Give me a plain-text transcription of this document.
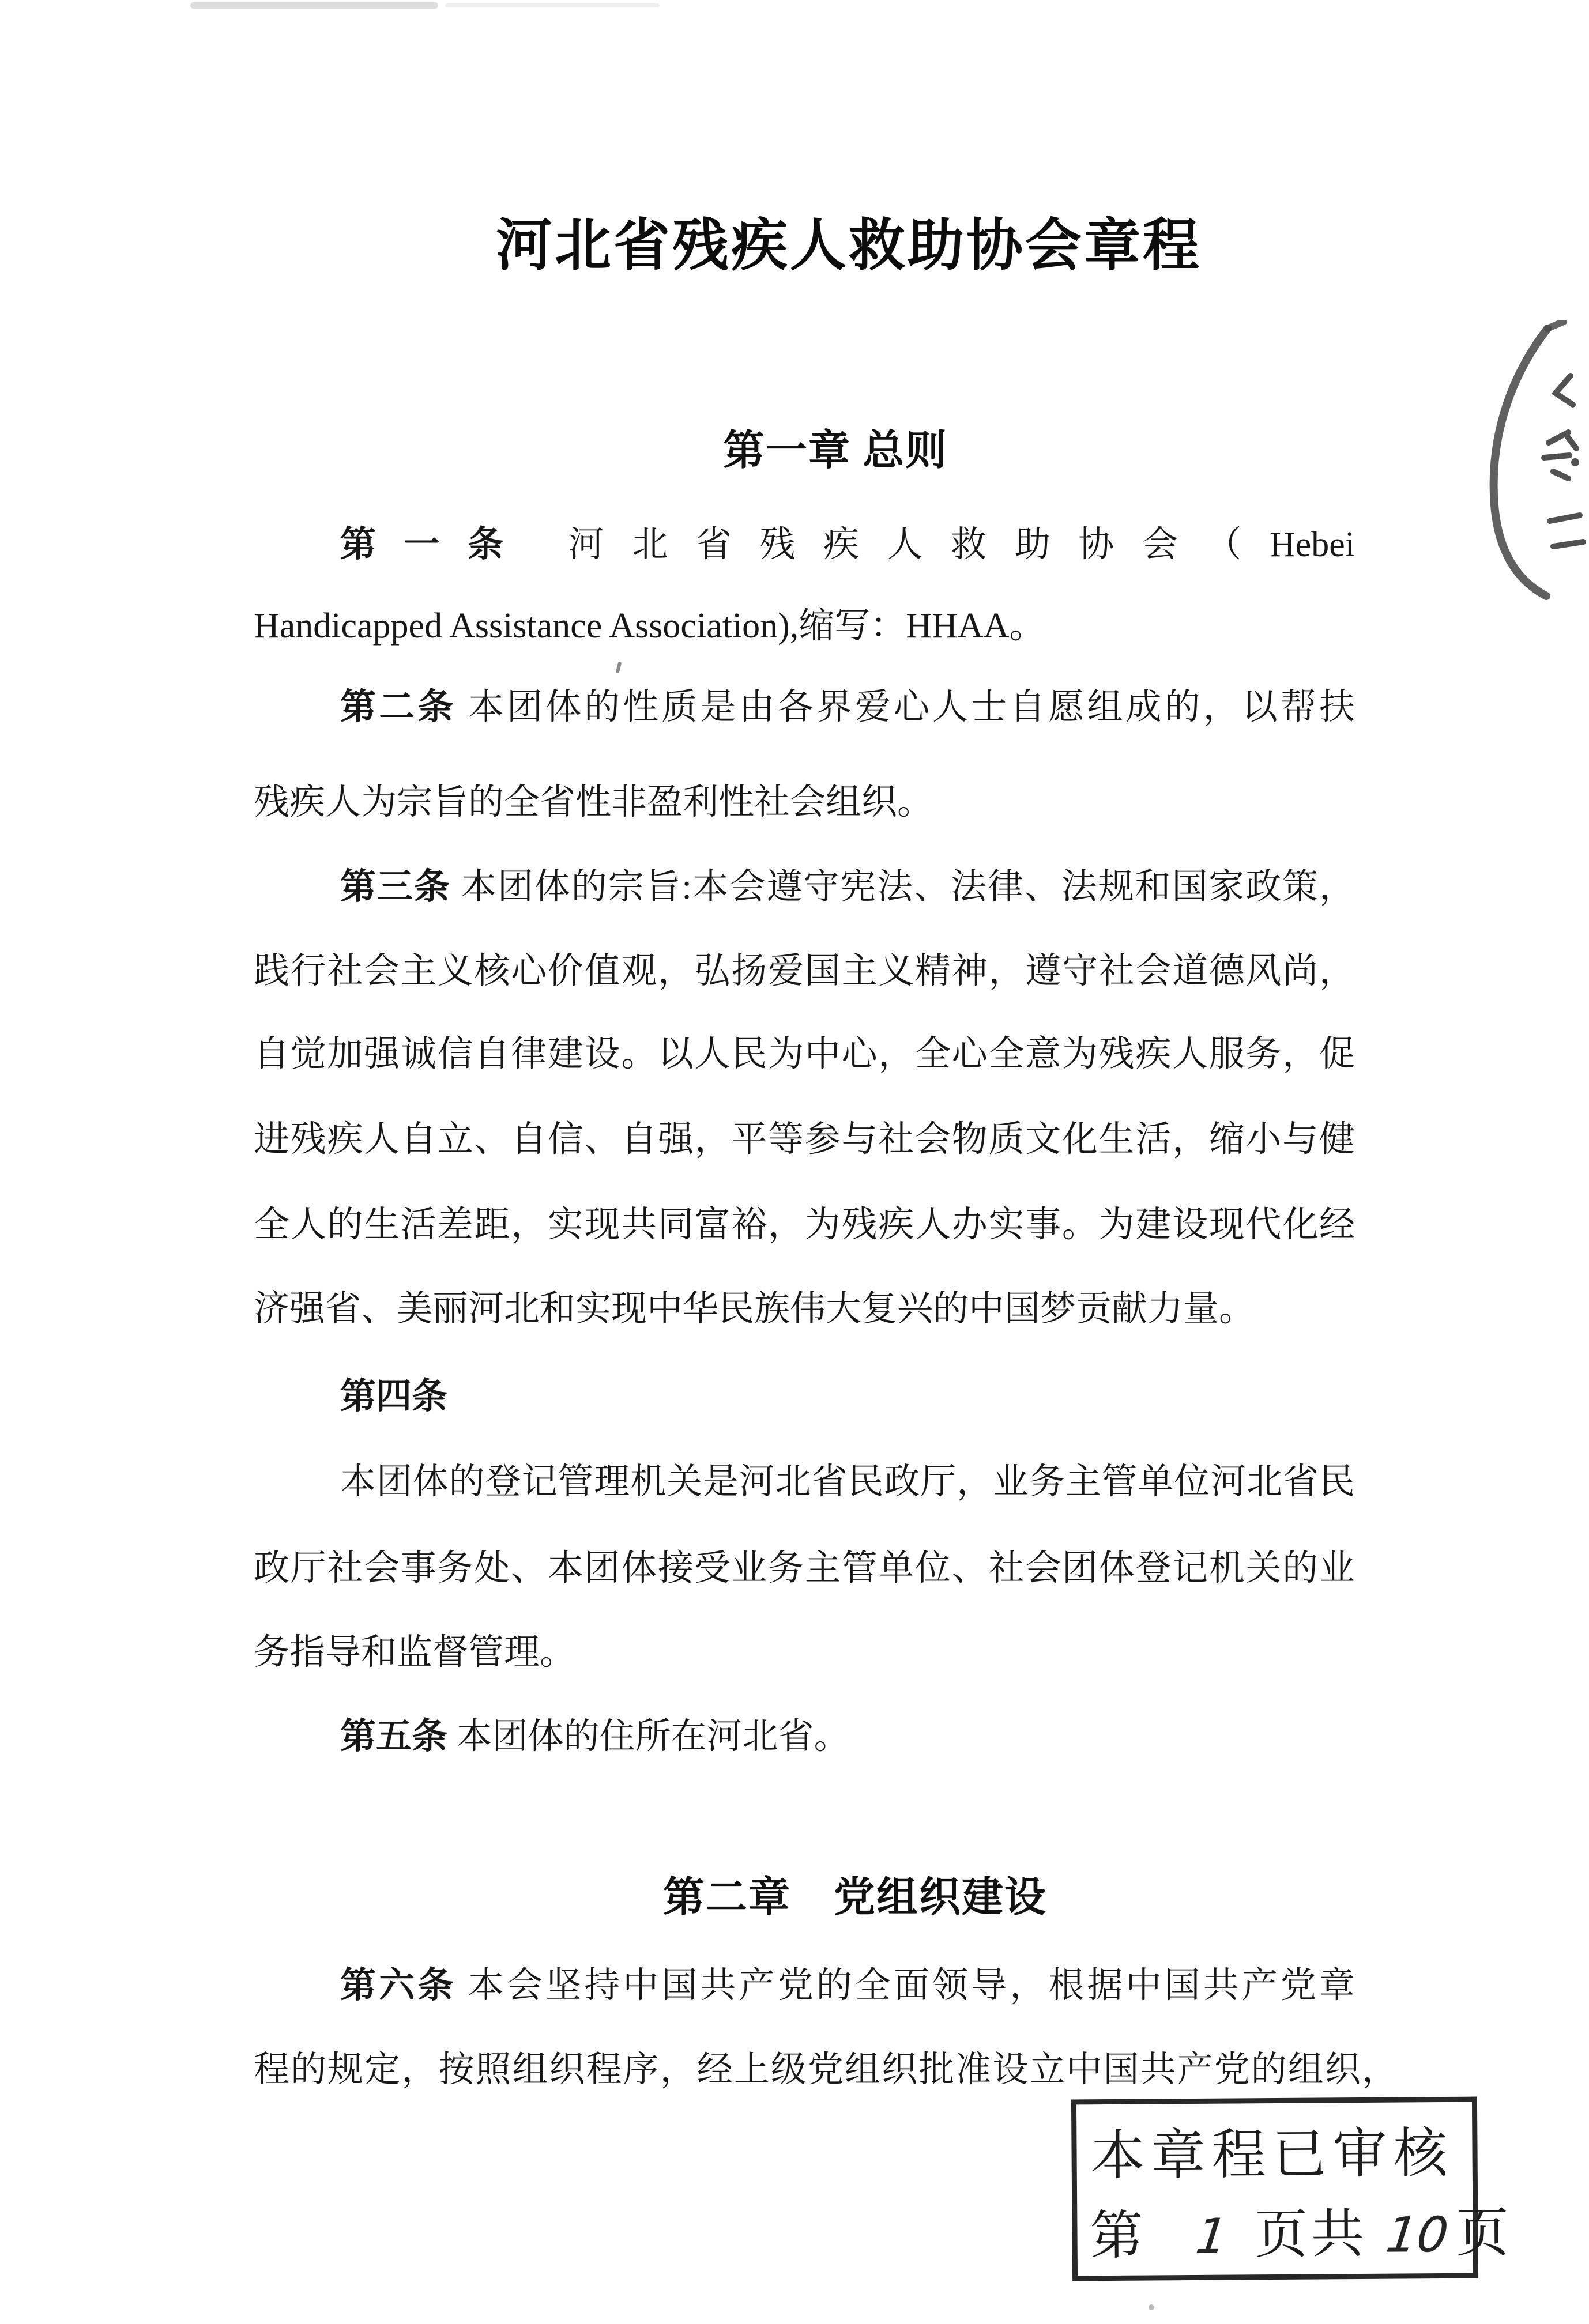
河北省残疾人救助协会章程
第一章 总则
第一条 河北省残疾人救助协会（Hebei
Handicapped Assistance Association),缩写：HHAA。
第二条 本团体的性质是由各界爱心人士自愿组成的，以帮扶
残疾人为宗旨的全省性非盈利性社会组织。
第三条 本团体的宗旨:本会遵守宪法、法律、法规和国家政策，
践行社会主义核心价值观，弘扬爱国主义精神，遵守社会道德风尚，
自觉加强诚信自律建设。以人民为中心，全心全意为残疾人服务，促
进残疾人自立、自信、自强，平等参与社会物质文化生活，缩小与健
全人的生活差距，实现共同富裕，为残疾人办实事。为建设现代化经
济强省、美丽河北和实现中华民族伟大复兴的中国梦贡献力量。
第四条
本团体的登记管理机关是河北省民政厅，业务主管单位河北省民
政厅社会事务处、本团体接受业务主管单位、社会团体登记机关的业
务指导和监督管理。
第五条 本团体的住所在河北省。
第二章　党组织建设
第六条 本会坚持中国共产党的全面领导，根据中国共产党章
程的规定，按照组织程序，经上级党组织批准设立中国共产党的组织，
本章程已审核
第 1 页共 10页
